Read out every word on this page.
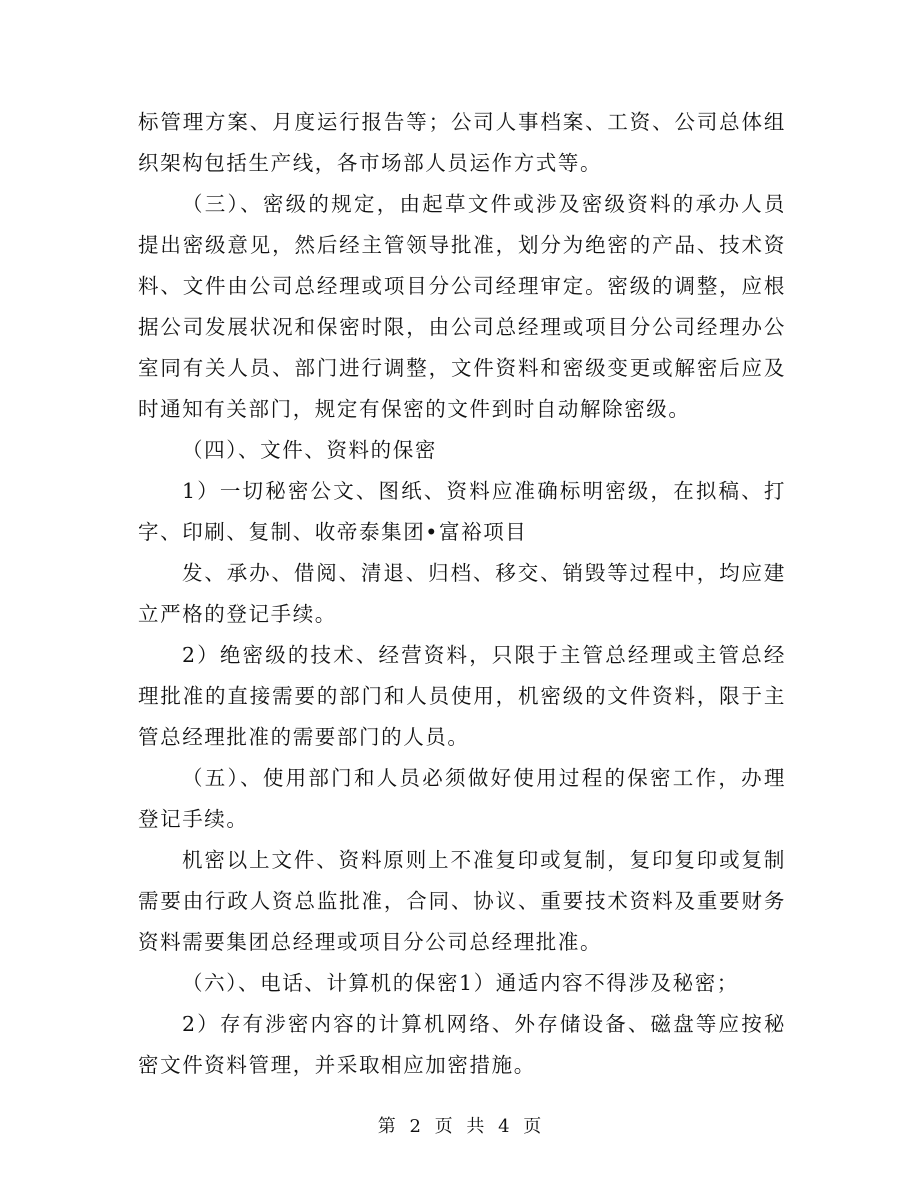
标管理方案、月度运行报告等；公司人事档案、工资、公司总体组织架构包括生产线，各市场部人员运作方式等。

（三）、密级的规定，由起草文件或涉及密级资料的承办人员提出密级意见，然后经主管领导批准，划分为绝密的产品、技术资料、文件由公司总经理或项目分公司经理审定。密级的调整，应根据公司发展状况和保密时限，由公司总经理或项目分公司经理办公室同有关人员、部门进行调整，文件资料和密级变更或解密后应及时通知有关部门，规定有保密的文件到时自动解除密级。

（四）、文件、资料的保密

1）一切秘密公文、图纸、资料应准确标明密级，在拟稿、打字、印刷、复制、收帝泰集团•富裕项目

发、承办、借阅、清退、归档、移交、销毁等过程中，均应建立严格的登记手续。

2）绝密级的技术、经营资料，只限于主管总经理或主管总经理批准的直接需要的部门和人员使用，机密级的文件资料，限于主管总经理批准的需要部门的人员。

（五）、使用部门和人员必须做好使用过程的保密工作，办理登记手续。

机密以上文件、资料原则上不准复印或复制，复印复印或复制需要由行政人资总监批准，合同、协议、重要技术资料及重要财务资料需要集团总经理或项目分公司总经理批准。

（六）、电话、计算机的保密1）通适内容不得涉及秘密；

2）存有涉密内容的计算机网络、外存储设备、磁盘等应按秘密文件资料管理，并采取相应加密措施。

第 2 页 共 4 页
